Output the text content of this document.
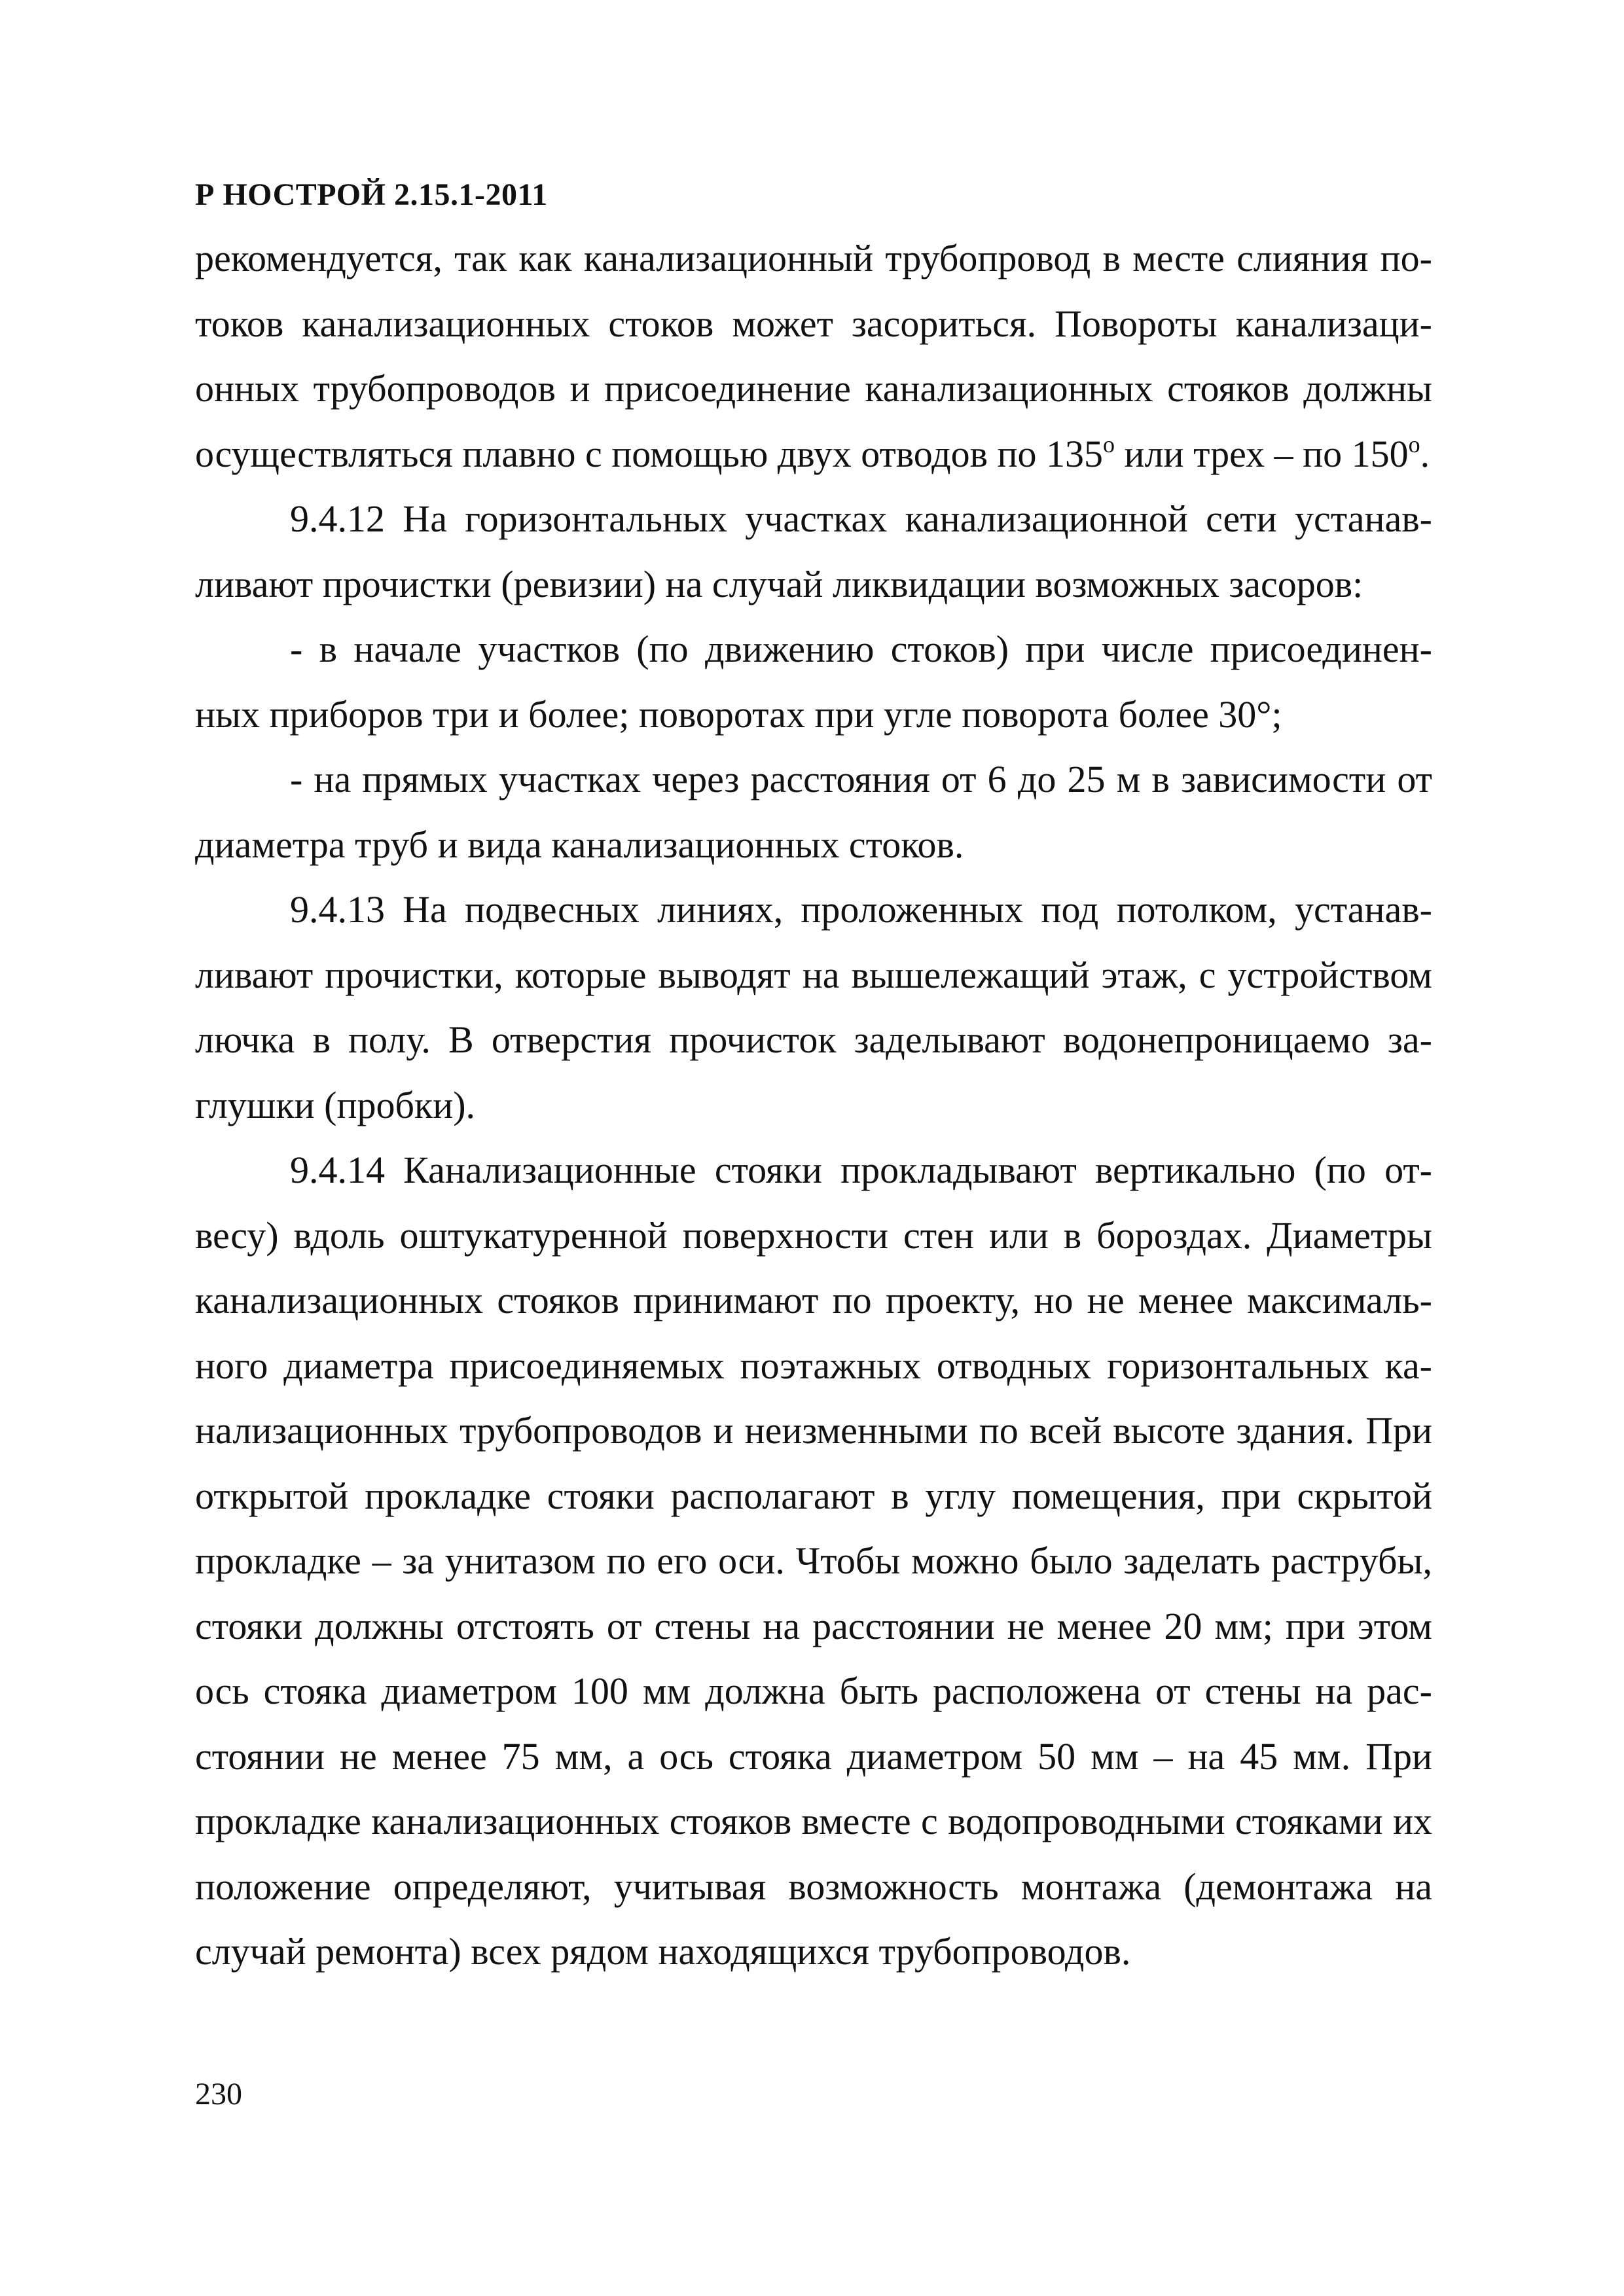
Р НОСТРОЙ 2.15.1-2011

рекомендуется, так как канализационный трубопровод в месте слияния по-токов канализационных стоков может засориться. Повороты канализаци-онных трубопроводов и присоединение канализационных стояков должны осуществляться плавно с помощью двух отводов по $135^о$ или трех – по $150^о$.

9.4.12 На горизонтальных участках канализационной сети устанав-ливают прочистки (ревизии) на случай ликвидации возможных засоров:

- в начале участков (по движению стоков) при числе присоединен-ных приборов три и более; поворотах при угле поворота более 30°;

- на прямых участках через расстояния от 6 до 25 м в зависимости от диаметра труб и вида канализационных стоков.

9.4.13 На подвесных линиях, проложенных под потолком, устанав-ливают прочистки, которые выводят на вышележащий этаж, с устройством лючка в полу. В отверстия прочисток заделывают водонепроницаемо за-глушки (пробки).

9.4.14 Канализационные стояки прокладывают вертикально (по от-весу) вдоль оштукатуренной поверхности стен или в бороздах. Диаметры канализационных стояков принимают по проекту, но не менее максималь-ного диаметра присоединяемых поэтажных отводных горизонтальных ка-нализационных трубопроводов и неизменными по всей высоте здания. При открытой прокладке стояки располагают в углу помещения, при скрытой прокладке – за унитазом по его оси. Чтобы можно было заделать раструбы, стояки должны отстоять от стены на расстоянии не менее 20 мм; при этом ось стояка диаметром 100 мм должна быть расположена от стены на рас-стоянии не менее 75 мм, а ось стояка диаметром 50 мм – на 45 мм. При прокладке канализационных стояков вместе с водопроводными стояками их положение определяют, учитывая возможность монтажа (демонтажа на случай ремонта) всех рядом находящихся трубопроводов.

230
